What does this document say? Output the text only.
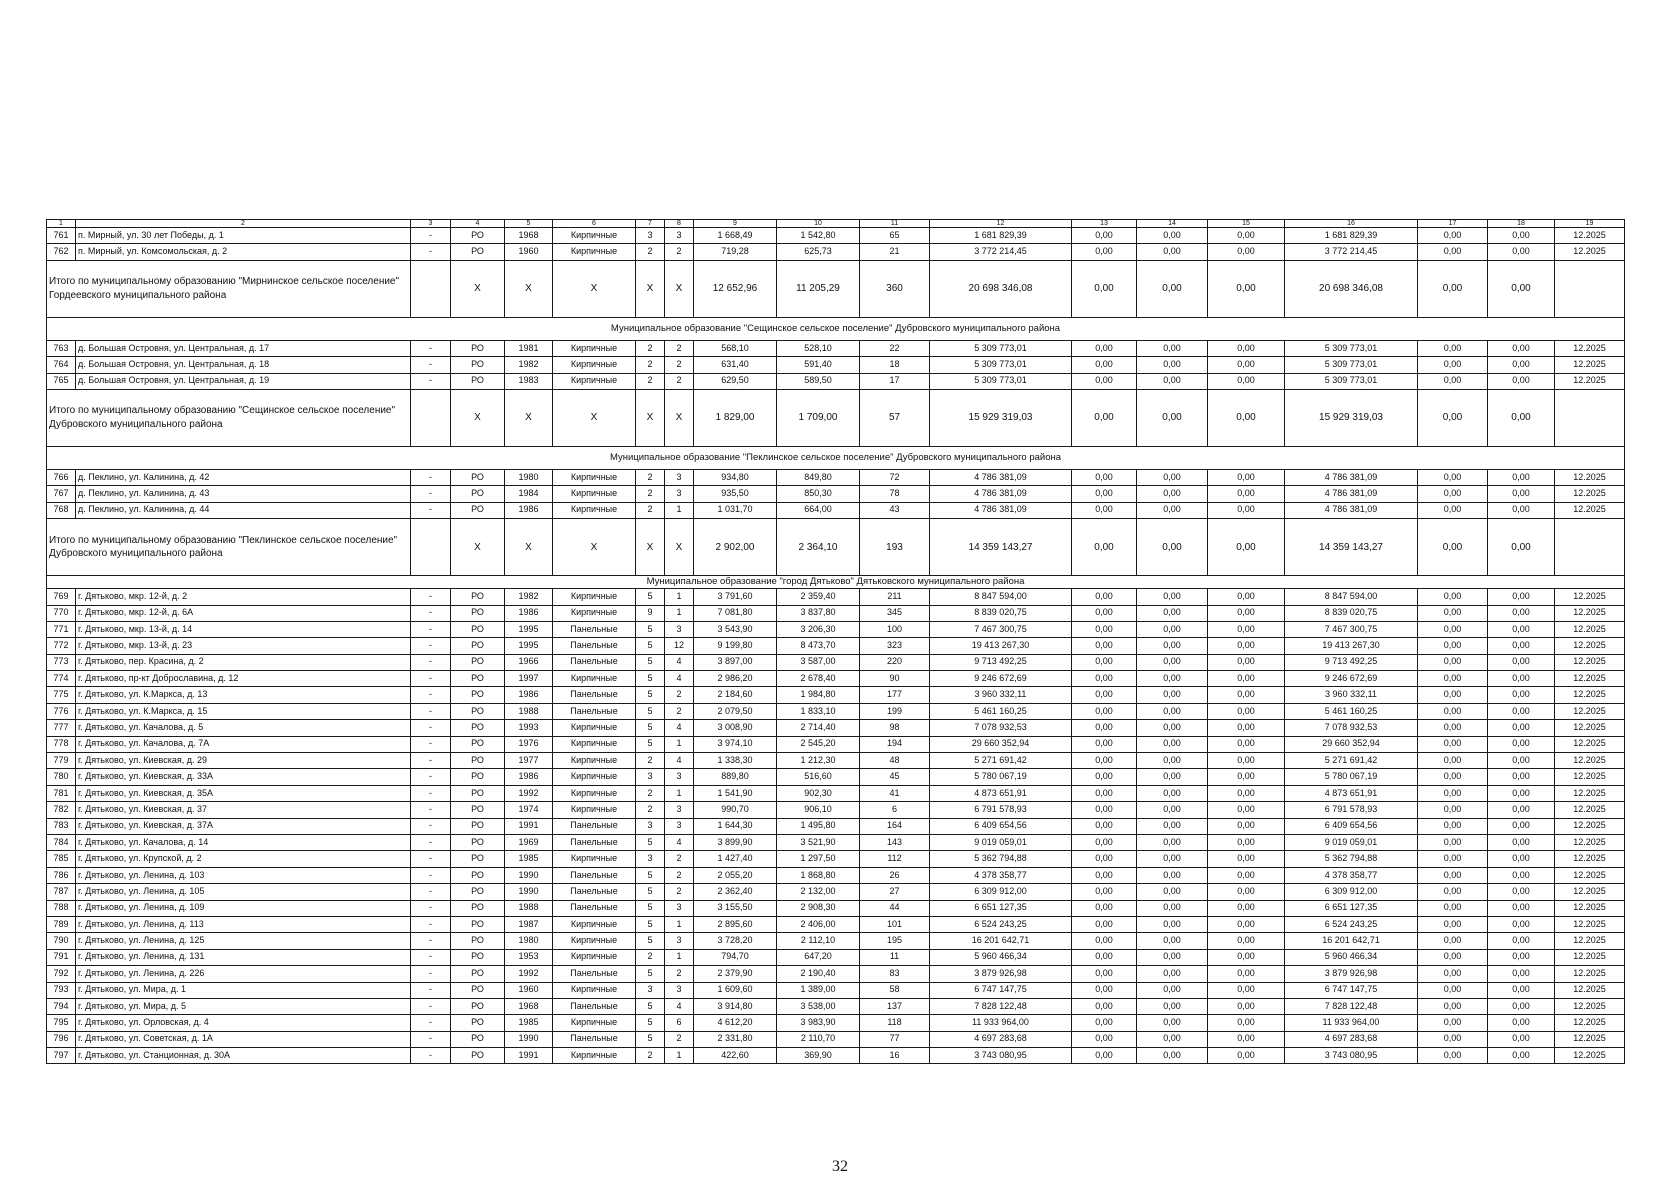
1	2	3	4	5	6	7	8	9	10	11	12	13	14	15	16	17	18	19
761	п. Мирный, ул. 30 лет Победы, д. 1	-	РО	1968	Кирпичные	3	3	1 668,49	1 542,80	65	1 681 829,39	0,00	0,00	0,00	1 681 829,39	0,00	0,00	12.2025
762	п. Мирный, ул. Комсомольская, д. 2	-	РО	1960	Кирпичные	2	2	719,28	625,73	21	3 772 214,45	0,00	0,00	0,00	3 772 214,45	0,00	0,00	12.2025
Итого по муниципальному образованию "Мирнинское сельское поселение" Гордеевского муниципального района			Х	Х	Х	Х	Х	12 652,96	11 205,29	360	20 698 346,08	0,00	0,00	0,00	20 698 346,08	0,00	0,00	
Муниципальное образование "Сещинское сельское поселение" Дубровского муниципального района																		
763	д. Большая Островня, ул. Центральная, д. 17	-	РО	1981	Кирпичные	2	2	568,10	528,10	22	5 309 773,01	0,00	0,00	0,00	5 309 773,01	0,00	0,00	12.2025
764	д. Большая Островня, ул. Центральная, д. 18	-	РО	1982	Кирпичные	2	2	631,40	591,40	18	5 309 773,01	0,00	0,00	0,00	5 309 773,01	0,00	0,00	12.2025
765	д. Большая Островня, ул. Центральная, д. 19	-	РО	1983	Кирпичные	2	2	629,50	589,50	17	5 309 773,01	0,00	0,00	0,00	5 309 773,01	0,00	0,00	12.2025
Итого по муниципальному образованию "Сещинское сельское поселение" Дубровского муниципального района			Х	Х	Х	Х	Х	1 829,00	1 709,00	57	15 929 319,03	0,00	0,00	0,00	15 929 319,03	0,00	0,00	
Муниципальное образование "Пеклинское сельское поселение" Дубровского муниципального района																		
766	д. Пеклино, ул. Калинина, д. 42	-	РО	1980	Кирпичные	2	3	934,80	849,80	72	4 786 381,09	0,00	0,00	0,00	4 786 381,09	0,00	0,00	12.2025
767	д. Пеклино, ул. Калинина, д. 43	-	РО	1984	Кирпичные	2	3	935,50	850,30	78	4 786 381,09	0,00	0,00	0,00	4 786 381,09	0,00	0,00	12.2025
768	д. Пеклино, ул. Калинина, д. 44	-	РО	1986	Кирпичные	2	1	1 031,70	664,00	43	4 786 381,09	0,00	0,00	0,00	4 786 381,09	0,00	0,00	12.2025
Итого по муниципальному образованию "Пеклинское сельское поселение" Дубровского муниципального района			Х	Х	Х	Х	Х	2 902,00	2 364,10	193	14 359 143,27	0,00	0,00	0,00	14 359 143,27	0,00	0,00	
Муниципальное образование "город Дятьково" Дятьковского муниципального района																		
769	г. Дятьково, мкр. 12-й, д. 2	-	РО	1982	Кирпичные	5	1	3 791,60	2 359,40	211	8 847 594,00	0,00	0,00	0,00	8 847 594,00	0,00	0,00	12.2025
770	г. Дятьково, мкр. 12-й, д. 6А	-	РО	1986	Кирпичные	9	1	7 081,80	3 837,80	345	8 839 020,75	0,00	0,00	0,00	8 839 020,75	0,00	0,00	12.2025
771	г. Дятьково, мкр. 13-й, д. 14	-	РО	1995	Панельные	5	3	3 543,90	3 206,30	100	7 467 300,75	0,00	0,00	0,00	7 467 300,75	0,00	0,00	12.2025
772	г. Дятьково, мкр. 13-й, д. 23	-	РО	1995	Панельные	5	12	9 199,80	8 473,70	323	19 413 267,30	0,00	0,00	0,00	19 413 267,30	0,00	0,00	12.2025
773	г. Дятьково, пер. Красина, д. 2	-	РО	1966	Панельные	5	4	3 897,00	3 587,00	220	9 713 492,25	0,00	0,00	0,00	9 713 492,25	0,00	0,00	12.2025
774	г. Дятьково, пр-кт Доброславина, д. 12	-	РО	1997	Кирпичные	5	4	2 986,20	2 678,40	90	9 246 672,69	0,00	0,00	0,00	9 246 672,69	0,00	0,00	12.2025
775	г. Дятьково, ул. К.Маркса, д. 13	-	РО	1986	Панельные	5	2	2 184,60	1 984,80	177	3 960 332,11	0,00	0,00	0,00	3 960 332,11	0,00	0,00	12.2025
776	г. Дятьково, ул. К.Маркса, д. 15	-	РО	1988	Панельные	5	2	2 079,50	1 833,10	199	5 461 160,25	0,00	0,00	0,00	5 461 160,25	0,00	0,00	12.2025
777	г. Дятьково, ул. Качалова, д. 5	-	РО	1993	Кирпичные	5	4	3 008,90	2 714,40	98	7 078 932,53	0,00	0,00	0,00	7 078 932,53	0,00	0,00	12.2025
778	г. Дятьково, ул. Качалова, д. 7А	-	РО	1976	Кирпичные	5	1	3 974,10	2 545,20	194	29 660 352,94	0,00	0,00	0,00	29 660 352,94	0,00	0,00	12.2025
779	г. Дятьково, ул. Киевская, д. 29	-	РО	1977	Кирпичные	2	4	1 338,30	1 212,30	48	5 271 691,42	0,00	0,00	0,00	5 271 691,42	0,00	0,00	12.2025
780	г. Дятьково, ул. Киевская, д. 33А	-	РО	1986	Кирпичные	3	3	889,80	516,60	45	5 780 067,19	0,00	0,00	0,00	5 780 067,19	0,00	0,00	12.2025
781	г. Дятьково, ул. Киевская, д. 35А	-	РО	1992	Кирпичные	2	1	1 541,90	902,30	41	4 873 651,91	0,00	0,00	0,00	4 873 651,91	0,00	0,00	12.2025
782	г. Дятьково, ул. Киевская, д. 37	-	РО	1974	Кирпичные	2	3	990,70	906,10	6	6 791 578,93	0,00	0,00	0,00	6 791 578,93	0,00	0,00	12.2025
783	г. Дятьково, ул. Киевская, д. 37А	-	РО	1991	Панельные	3	3	1 644,30	1 495,80	164	6 409 654,56	0,00	0,00	0,00	6 409 654,56	0,00	0,00	12.2025
784	г. Дятьково, ул. Качалова, д. 14	-	РО	1969	Панельные	5	4	3 899,90	3 521,90	143	9 019 059,01	0,00	0,00	0,00	9 019 059,01	0,00	0,00	12.2025
785	г. Дятьково, ул. Крупской, д. 2	-	РО	1985	Кирпичные	3	2	1 427,40	1 297,50	112	5 362 794,88	0,00	0,00	0,00	5 362 794,88	0,00	0,00	12.2025
786	г. Дятьково, ул. Ленина, д. 103	-	РО	1990	Панельные	5	2	2 055,20	1 868,80	26	4 378 358,77	0,00	0,00	0,00	4 378 358,77	0,00	0,00	12.2025
787	г. Дятьково, ул. Ленина, д. 105	-	РО	1990	Панельные	5	2	2 362,40	2 132,00	27	6 309 912,00	0,00	0,00	0,00	6 309 912,00	0,00	0,00	12.2025
788	г. Дятьково, ул. Ленина, д. 109	-	РО	1988	Панельные	5	3	3 155,50	2 908,30	44	6 651 127,35	0,00	0,00	0,00	6 651 127,35	0,00	0,00	12.2025
789	г. Дятьково, ул. Ленина, д. 113	-	РО	1987	Кирпичные	5	1	2 895,60	2 406,00	101	6 524 243,25	0,00	0,00	0,00	6 524 243,25	0,00	0,00	12.2025
790	г. Дятьково, ул. Ленина, д. 125	-	РО	1980	Кирпичные	5	3	3 728,20	2 112,10	195	16 201 642,71	0,00	0,00	0,00	16 201 642,71	0,00	0,00	12.2025
791	г. Дятьково, ул. Ленина, д. 131	-	РО	1953	Кирпичные	2	1	794,70	647,20	11	5 960 466,34	0,00	0,00	0,00	5 960 466,34	0,00	0,00	12.2025
792	г. Дятьково, ул. Ленина, д. 226	-	РО	1992	Панельные	5	2	2 379,90	2 190,40	83	3 879 926,98	0,00	0,00	0,00	3 879 926,98	0,00	0,00	12.2025
793	г. Дятьково, ул. Мира, д. 1	-	РО	1960	Кирпичные	3	3	1 609,60	1 389,00	58	6 747 147,75	0,00	0,00	0,00	6 747 147,75	0,00	0,00	12.2025
794	г. Дятьково, ул. Мира, д. 5	-	РО	1968	Панельные	5	4	3 914,80	3 538,00	137	7 828 122,48	0,00	0,00	0,00	7 828 122,48	0,00	0,00	12.2025
795	г. Дятьково, ул. Орловская, д. 4	-	РО	1985	Кирпичные	5	6	4 612,20	3 983,90	118	11 933 964,00	0,00	0,00	0,00	11 933 964,00	0,00	0,00	12.2025
796	г. Дятьково, ул. Советская, д. 1А	-	РО	1990	Панельные	5	2	2 331,80	2 110,70	77	4 697 283,68	0,00	0,00	0,00	4 697 283,68	0,00	0,00	12.2025
797	г. Дятьково, ул. Станционная, д. 30А	-	РО	1991	Кирпичные	2	1	422,60	369,90	16	3 743 080,95	0,00	0,00	0,00	3 743 080,95	0,00	0,00	12.2025
32
